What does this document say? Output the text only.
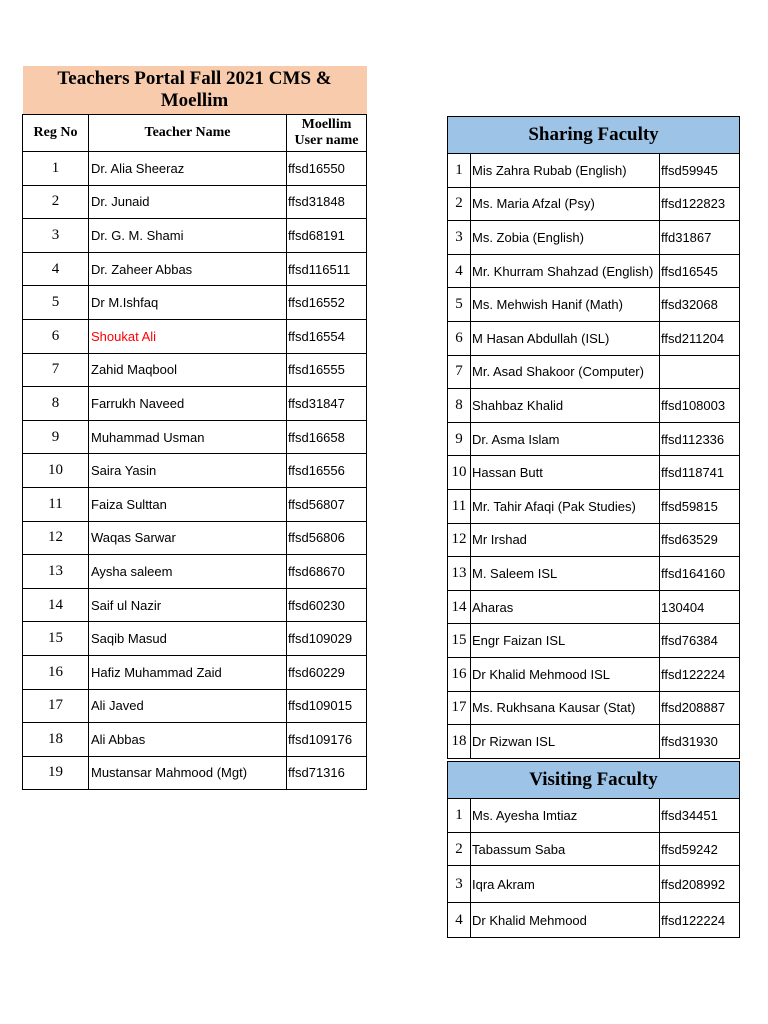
Teachers Portal Fall 2021 CMS & Moellim		
Reg No	Teacher Name	Moellim User name
1	Dr. Alia Sheeraz	ffsd16550
2	Dr. Junaid	ffsd31848
3	Dr. G. M. Shami	ffsd68191
4	Dr. Zaheer Abbas	ffsd116511
5	Dr M.Ishfaq	ffsd16552
6	Shoukat Ali	ffsd16554
7	Zahid Maqbool	ffsd16555
8	Farrukh Naveed	ffsd31847
9	Muhammad Usman	ffsd16658
10	Saira Yasin	ffsd16556
11	Faiza Sulttan	ffsd56807
12	Waqas Sarwar	ffsd56806
13	Aysha saleem	ffsd68670
14	Saif ul Nazir	ffsd60230
15	Saqib Masud	ffsd109029
16	Hafiz Muhammad Zaid	ffsd60229
17	Ali Javed	ffsd109015
18	Ali Abbas	ffsd109176
19	Mustansar Mahmood (Mgt)	ffsd71316
Sharing Faculty		
1	Mis Zahra Rubab (English)	ffsd59945
2	Ms. Maria Afzal (Psy)	ffsd122823
3	Ms. Zobia (English)	ffd31867
4	Mr. Khurram Shahzad (English)	ffsd16545
5	Ms. Mehwish Hanif (Math)	ffsd32068
6	M Hasan Abdullah (ISL)	ffsd211204
7	Mr. Asad Shakoor (Computer)	
8	Shahbaz Khalid	ffsd108003
9	Dr. Asma Islam	ffsd112336
10	Hassan Butt	ffsd118741
11	Mr. Tahir Afaqi (Pak Studies)	ffsd59815
12	Mr Irshad	ffsd63529
13	M. Saleem ISL	ffsd164160
14	Aharas	130404
15	Engr Faizan ISL	ffsd76384
16	Dr Khalid Mehmood ISL	ffsd122224
17	Ms. Rukhsana Kausar (Stat)	ffsd208887
18	Dr Rizwan ISL	ffsd31930
Visiting Faculty		
1	Ms. Ayesha Imtiaz	ffsd34451
2	Tabassum Saba	ffsd59242
3	Iqra Akram	ffsd208992
4	Dr Khalid Mehmood	ffsd122224
